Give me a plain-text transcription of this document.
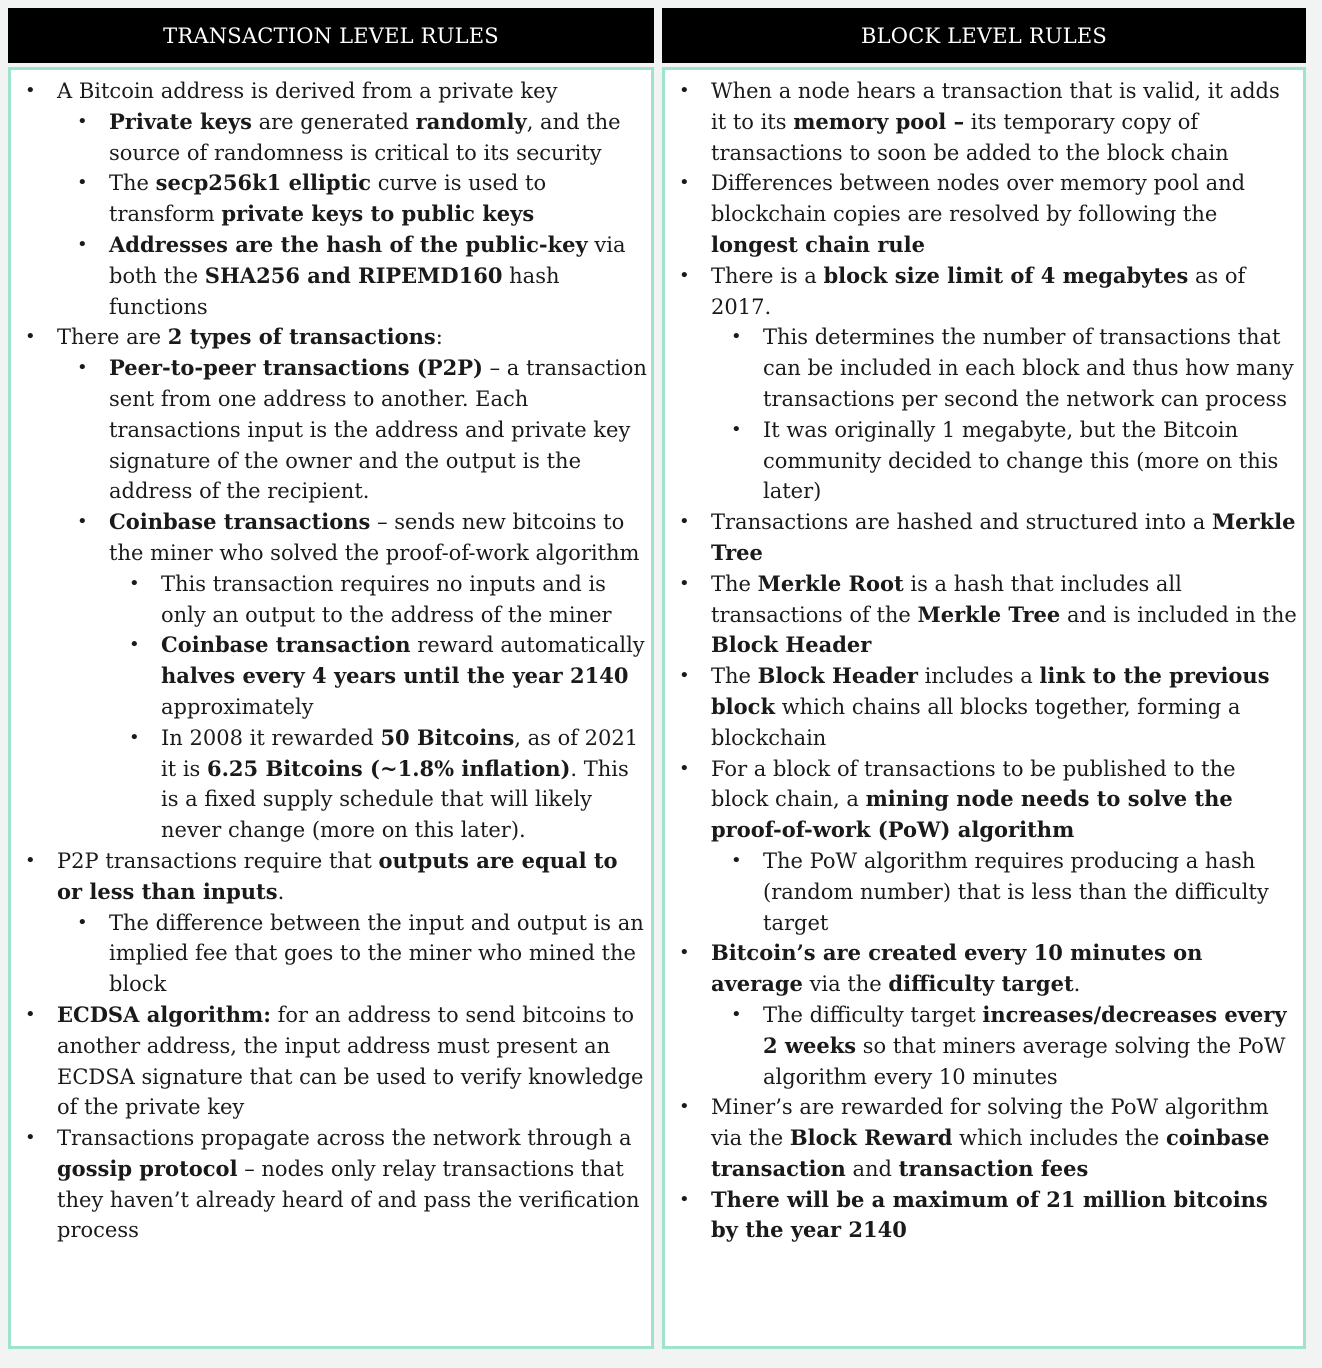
TRANSACTION LEVEL RULES
• A Bitcoin address is derived from a private key
• Private keys are generated randomly, and the source of randomness is critical to its security
• The secp256k1 elliptic curve is used to transform private keys to public keys
• Addresses are the hash of the public-key via both the SHA256 and RIPEMD160 hash functions
• There are 2 types of transactions:
• Peer-to-peer transactions (P2P) – a transaction sent from one address to another. Each transactions input is the address and private key signature of the owner and the output is the address of the recipient.
• Coinbase transactions – sends new bitcoins to the miner who solved the proof-of-work algorithm
• This transaction requires no inputs and is only an output to the address of the miner
• Coinbase transaction reward automatically halves every 4 years until the year 2140 approximately
• In 2008 it rewarded 50 Bitcoins, as of 2021 it is 6.25 Bitcoins (~1.8% inflation). This is a fixed supply schedule that will likely never change (more on this later).
• P2P transactions require that outputs are equal to or less than inputs.
• The difference between the input and output is an implied fee that goes to the miner who mined the block
• ECDSA algorithm: for an address to send bitcoins to another address, the input address must present an ECDSA signature that can be used to verify knowledge of the private key
• Transactions propagate across the network through a gossip protocol – nodes only relay transactions that they haven’t already heard of and pass the verification process
BLOCK LEVEL RULES
• When a node hears a transaction that is valid, it adds it to its memory pool – its temporary copy of transactions to soon be added to the block chain
• Differences between nodes over memory pool and blockchain copies are resolved by following the longest chain rule
• There is a block size limit of 4 megabytes as of 2017.
• This determines the number of transactions that can be included in each block and thus how many transactions per second the network can process
• It was originally 1 megabyte, but the Bitcoin community decided to change this (more on this later)
• Transactions are hashed and structured into a Merkle Tree
• The Merkle Root is a hash that includes all transactions of the Merkle Tree and is included in the Block Header
• The Block Header includes a link to the previous block which chains all blocks together, forming a blockchain
• For a block of transactions to be published to the block chain, a mining node needs to solve the proof-of-work (PoW) algorithm
• The PoW algorithm requires producing a hash (random number) that is less than the difficulty target
• Bitcoin’s are created every 10 minutes on average via the difficulty target.
• The difficulty target increases/decreases every 2 weeks so that miners average solving the PoW algorithm every 10 minutes
• Miner’s are rewarded for solving the PoW algorithm via the Block Reward which includes the coinbase transaction and transaction fees
• There will be a maximum of 21 million bitcoins by the year 2140
